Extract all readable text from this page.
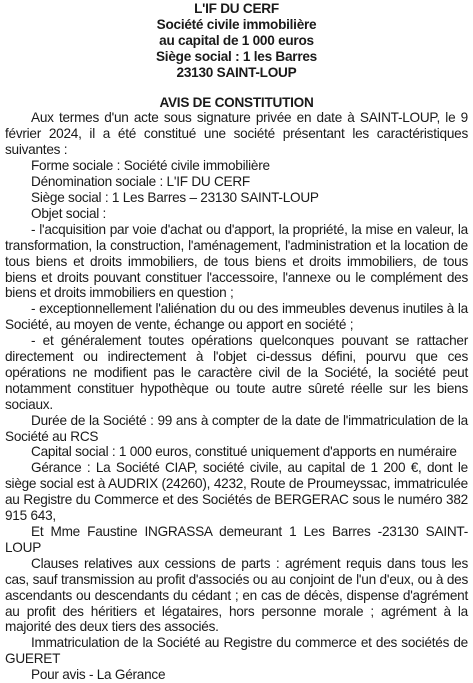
L'IF DU CERF
Société civile immobilière
au capital de 1 000 euros
Siège social : 1 les Barres
23130 SAINT-LOUP
AVIS DE CONSTITUTION

Aux termes d'un acte sous signature privée en date à SAINT-LOUP, le 9 février 2024, il a été constitué une société présentant les caractéristiques suivantes :

Forme sociale : Société civile immobilière

Dénomination sociale : L'IF DU CERF

Siège social : 1 Les Barres – 23130 SAINT-LOUP

Objet social :

- l'acquisition par voie d'achat ou d'apport, la propriété, la mise en valeur, la transformation, la construction, l'aménagement, l'administration et la location de tous biens et droits immobiliers, de tous biens et droits immobiliers, de tous biens et droits pouvant constituer l'accessoire, l'annexe ou le complément des biens et droits immobiliers en question ;

- exceptionnellement l'aliénation du ou des immeubles devenus inutiles à la Société, au moyen de vente, échange ou apport en société ;

- et généralement toutes opérations quelconques pouvant se rattacher directement ou indirectement à l'objet ci-dessus défini, pourvu que ces opérations ne modifient pas le caractère civil de la Société, la société peut notamment constituer hypothèque ou toute autre sûreté réelle sur les biens sociaux.

Durée de la Société : 99 ans à compter de la date de l'immatriculation de la Société au RCS

Capital social : 1 000 euros, constitué uniquement d'apports en numéraire

Gérance : La Société CIAP, société civile, au capital de 1 200 €, dont le siège social est à AUDRIX (24260), 4232, Route de Proumeyssac, immatriculée au Registre du Commerce et des Sociétés de BERGERAC sous le numéro 382 915 643,

Et Mme Faustine INGRASSA demeurant 1 Les Barres -23130 SAINT-LOUP

Clauses relatives aux cessions de parts : agrément requis dans tous les cas, sauf transmission au profit d'associés ou au conjoint de l'un d'eux, ou à des ascendants ou descendants du cédant ; en cas de décès, dispense d'agrément au profit des héritiers et légataires, hors personne morale ; agrément à la majorité des deux tiers des associés.

Immatriculation de la Société au Registre du commerce et des sociétés de GUERET

Pour avis - La Gérance
